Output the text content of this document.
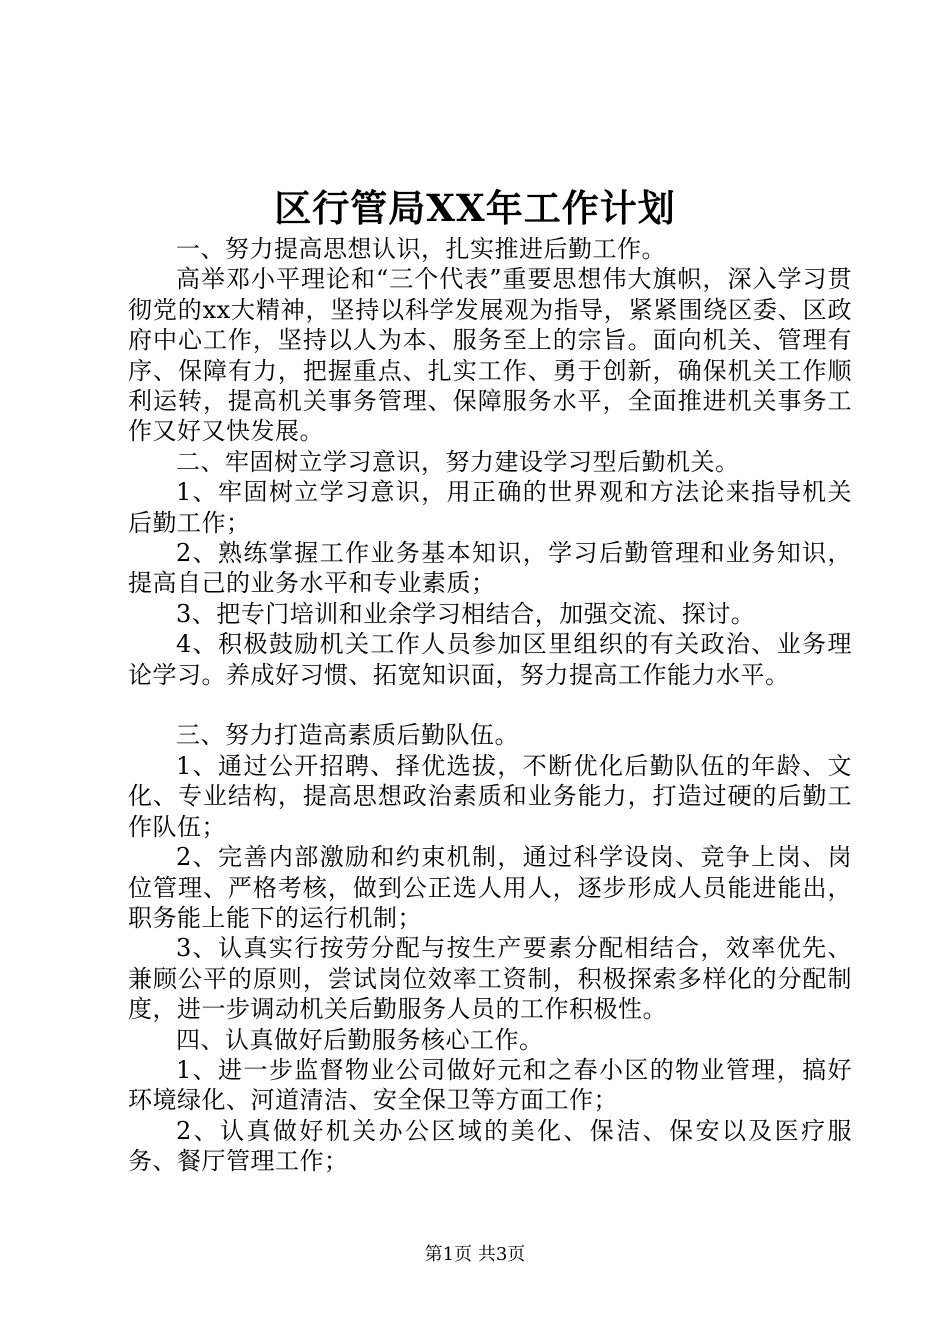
区行管局XX年工作计划

一、努力提高思想认识，扎实推进后勤工作。

高举邓小平理论和“三个代表”重要思想伟大旗帜，深入学习贯彻党的xx大精神，坚持以科学发展观为指导，紧紧围绕区委、区政府中心工作，坚持以人为本、服务至上的宗旨。面向机关、管理有序、保障有力，把握重点、扎实工作、勇于创新，确保机关工作顺利运转，提高机关事务管理、保障服务水平，全面推进机关事务工作又好又快发展。

二、牢固树立学习意识，努力建设学习型后勤机关。

1、牢固树立学习意识，用正确的世界观和方法论来指导机关后勤工作；

2、熟练掌握工作业务基本知识，学习后勤管理和业务知识，提高自己的业务水平和专业素质；

3、把专门培训和业余学习相结合，加强交流、探讨。

4、积极鼓励机关工作人员参加区里组织的有关政治、业务理论学习。养成好习惯、拓宽知识面，努力提高工作能力水平。

三、努力打造高素质后勤队伍。

1、通过公开招聘、择优选拔，不断优化后勤队伍的年龄、文化、专业结构，提高思想政治素质和业务能力，打造过硬的后勤工作队伍；

2、完善内部激励和约束机制，通过科学设岗、竞争上岗、岗位管理、严格考核，做到公正选人用人，逐步形成人员能进能出，职务能上能下的运行机制；

3、认真实行按劳分配与按生产要素分配相结合，效率优先、兼顾公平的原则，尝试岗位效率工资制，积极探索多样化的分配制度，进一步调动机关后勤服务人员的工作积极性。

四、认真做好后勤服务核心工作。

1、进一步监督物业公司做好元和之春小区的物业管理，搞好环境绿化、河道清洁、安全保卫等方面工作；

2、认真做好机关办公区域的美化、保洁、保安以及医疗服务、餐厅管理工作；

第1页 共3页
